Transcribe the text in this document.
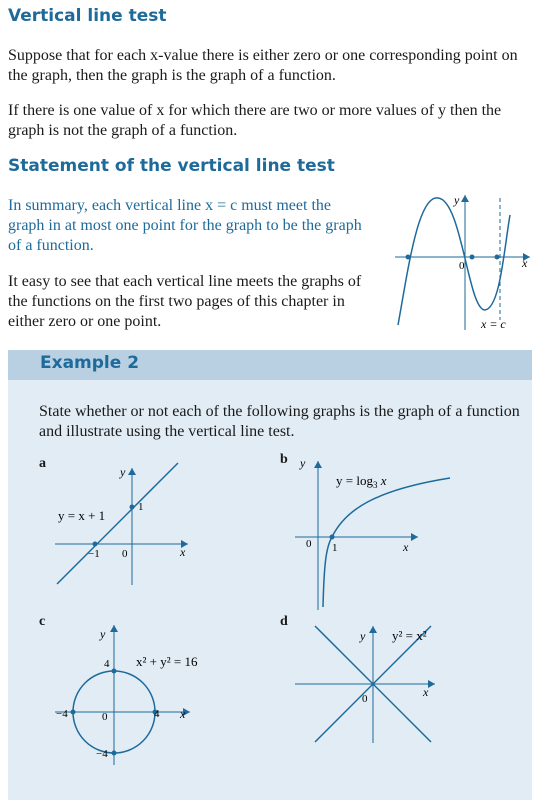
Vertical line test

Suppose that for each x-value there is either zero or one corresponding point on the graph, then the graph is the graph of a function.

If there is one value of x for which there are two or more values of y then the graph is not the graph of a function.

Statement of the vertical line test

In summary, each vertical line x = c must meet the graph in at most one point for the graph to be the graph of a function.

It easy to see that each vertical line meets the graphs of the functions on the first two pages of this chapter in either zero or one point.

y
x
0
x = c
Example 2

State whether or not each of the following graphs is the graph of a function and illustrate using the vertical line test.

a
y
x
0
−1
1
y = x + 1
b y
x
0 1
$y = \log_3 x$
c
y
x
0
4
−4
−4	4
x² + y² = 16
d
y
x
0
y² = x²
